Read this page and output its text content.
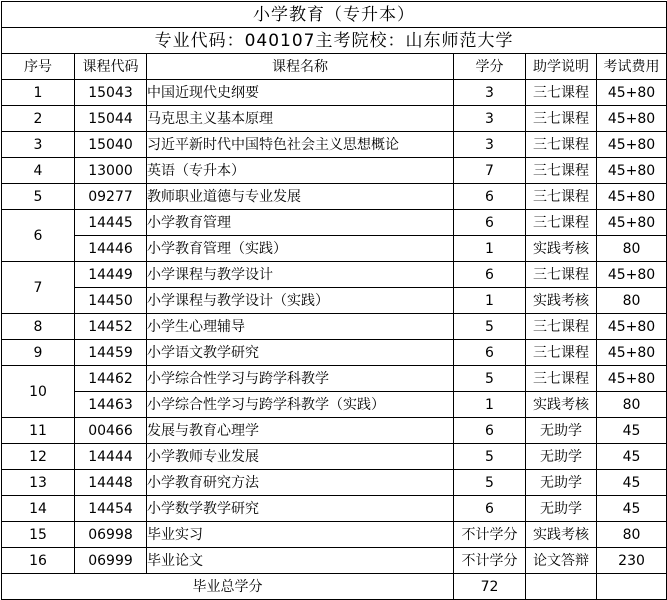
小学教育（专升本）					
专业代码：040107主考院校：山东师范大学					
序号	课程代码	课程名称	学分	助学说明	考试费用
1	15043	中国近现代史纲要	3	三七课程	45+80
2	15044	马克思主义基本原理	3	三七课程	45+80
3	15040	习近平新时代中国特色社会主义思想概论	3	三七课程	45+80
4	13000	英语（专升本）	7	三七课程	45+80
5	09277	教师职业道德与专业发展	6	三七课程	45+80
6	14445	小学教育管理	6	三七课程	45+80
	14446	小学教育管理（实践）	1	实践考核	80
7	14449	小学课程与教学设计	6	三七课程	45+80
	14450	小学课程与教学设计（实践）	1	实践考核	80
8	14452	小学生心理辅导	5	三七课程	45+80
9	14459	小学语文教学研究	6	三七课程	45+80
10	14462	小学综合性学习与跨学科教学	5	三七课程	45+80
	14463	小学综合性学习与跨学科教学（实践）	1	实践考核	80
11	00466	发展与教育心理学	6	无助学	45
12	14444	小学教师专业发展	5	无助学	45
13	14448	小学教育研究方法	5	无助学	45
14	14454	小学数学教学研究	6	无助学	45
15	06998	毕业实习	不计学分	实践考核	80
16	06999	毕业论文	不计学分	论文答辩	230
毕业总学分			72		
